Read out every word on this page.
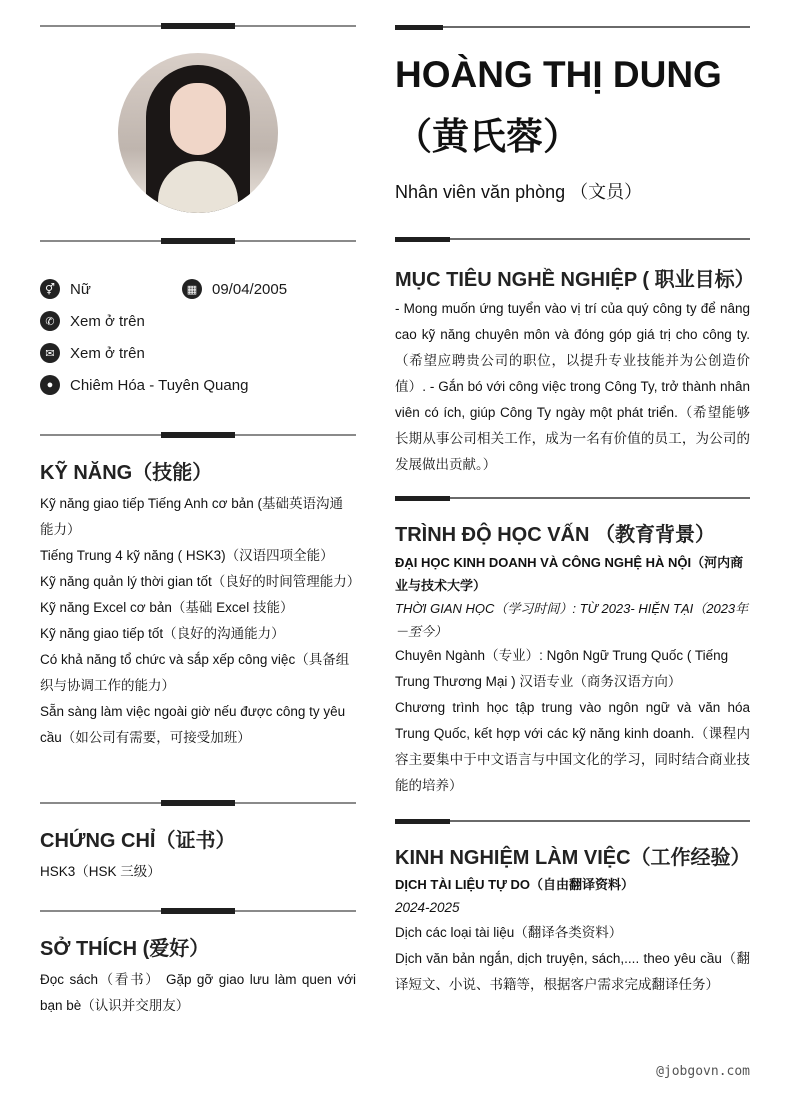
⚥	Nữ	▦ 09/04/2005
✆	Xem ở trên
✉	Xem ở trên
●	Chiêm Hóa - Tuyên Quang
KỸ NĂNG（技能）

Kỹ năng giao tiếp Tiếng Anh cơ bản (基础英语沟通能力）

Tiếng Trung 4 kỹ năng ( HSK3)（汉语四项全能）

Kỹ năng quản lý thời gian tốt（良好的时间管理能力）

Kỹ năng Excel cơ bản（基础 Excel 技能）

Kỹ năng giao tiếp tốt（良好的沟通能力）

Có khả năng tổ chức và sắp xếp công việc（具备组织与协调工作的能力）

Sẵn sàng làm việc ngoài giờ nếu được công ty yêu cầu（如公司有需要，可接受加班）

CHỨNG CHỈ（证书）
HSK3（HSK 三级）
SỞ THÍCH (爱好）
Đọc sách（看书） Gặp gỡ giao lưu làm quen với bạn bè（认识并交朋友）
HOÀNG THỊ DUNG
（黄氏蓉）
Nhân viên văn phòng （文员）
MỤC TIÊU NGHỀ NGHIỆP ( 职业目标）
- Mong muốn ứng tuyển vào vị trí của quý công ty để nâng cao kỹ năng chuyên môn và đóng góp giá trị cho công ty.（希望应聘贵公司的职位，以提升专业技能并为公创造价值）. - Gắn bó với công việc trong Công Ty, trở thành nhân viên có ích, giúp Công Ty ngày một phát triển.（希望能够长期从事公司相关工作，成为一名有价值的员工，为公司的发展做出贡献。）
TRÌNH ĐỘ HỌC VẤN （教育背景）
ĐẠI HỌC KINH DOANH VÀ CÔNG NGHỆ HÀ NỘI（河内商业与技术大学）
THỜI GIAN HỌC（学习时间）: TỪ 2023- HIỆN TẠI（2023年－至今）
Chuyên Ngành（专业）: Ngôn Ngữ Trung Quốc ( Tiếng Trung Thương Mại ) 汉语专业（商务汉语方向）
Chương trình học tập trung vào ngôn ngữ và văn hóa Trung Quốc, kết hợp với các kỹ năng kinh doanh.（课程内容主要集中于中文语言与中国文化的学习，同时结合商业技能的培养）
KINH NGHIỆM LÀM VIỆC（工作经验）
DỊCH TÀI LIỆU TỰ DO（自由翻译资料）
2024-2025
Dịch các loại tài liệu（翻译各类资料）
Dịch văn bản ngắn, dịch truyện, sách,.... theo yêu cầu（翻译短文、小说、书籍等，根据客户需求完成翻译任务）
@jobgovn.com
